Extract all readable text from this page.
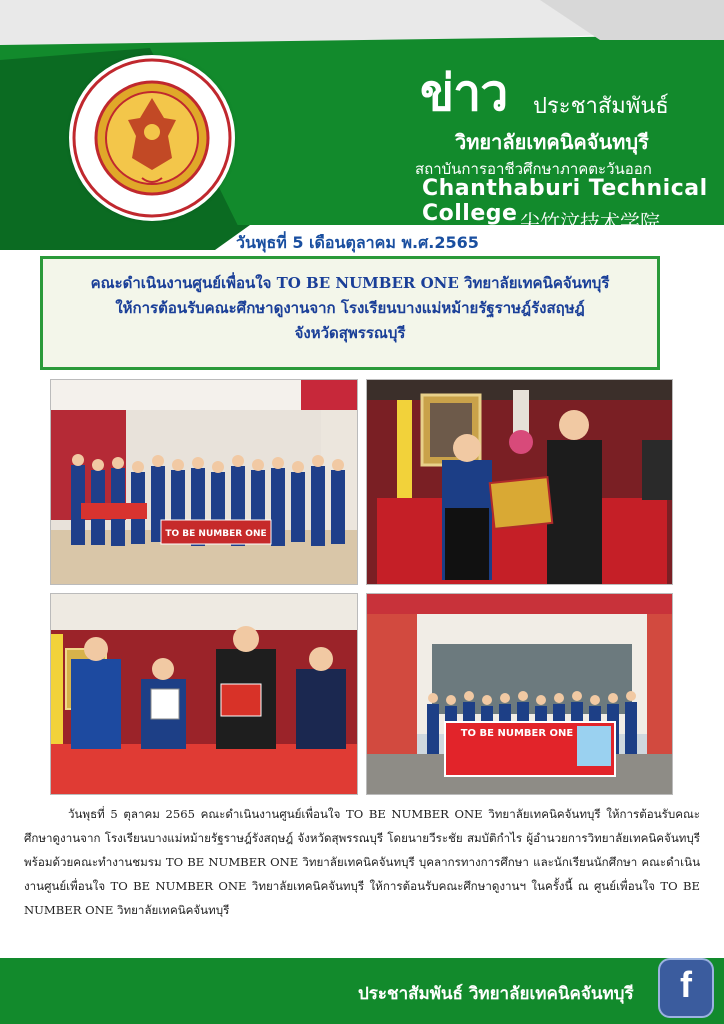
ข่าว ประชาสัมพันธ์
วิทยาลัยเทคนิคจันทบุรี
สถาบันการอาชีวศึกษาภาคตะวันออก
Chanthaburi Technical College 尖竹汶技术学院
วันพุธที่ 5 เดือนตุลาคม พ.ศ.2565
คณะดำเนินงานศูนย์เพื่อนใจ TO BE NUMBER ONE วิทยาลัยเทคนิคจันทบุรี
ให้การต้อนรับคณะศึกษาดูงานจาก โรงเรียนบางแม่หม้ายรัฐราษฎ์รังสฤษฎ์
จังหวัดสุพรรณบุรี
TO BE NUMBER ONE
TO BE NUMBER ONE
วันพุธที่ 5 ตุลาคม 2565 คณะดำเนินงานศูนย์เพื่อนใจ TO BE NUMBER ONE วิทยาลัยเทคนิคจันทบุรี ให้การต้อนรับคณะศึกษาดูงานจาก โรงเรียนบางแม่หม้ายรัฐราษฎ์รังสฤษฎ์ จังหวัดสุพรรณบุรี โดยนายวีระชัย สมบัติกำไร ผู้อำนวยการวิทยาลัยเทคนิคจันทบุรี พร้อมด้วยคณะทำงานชมรม TO BE NUMBER ONE วิทยาลัยเทคนิคจันทบุรี บุคลากรทางการศึกษา และนักเรียนนักศึกษา คณะดำเนินงานศูนย์เพื่อนใจ TO BE NUMBER ONE วิทยาลัยเทคนิคจันทบุรี ให้การต้อนรับคณะศึกษาดูงานฯ ในครั้งนี้ ณ ศูนย์เพื่อนใจ TO BE NUMBER ONE วิทยาลัยเทคนิคจันทบุรี
ประชาสัมพันธ์ วิทยาลัยเทคนิคจันทบุรี	f
